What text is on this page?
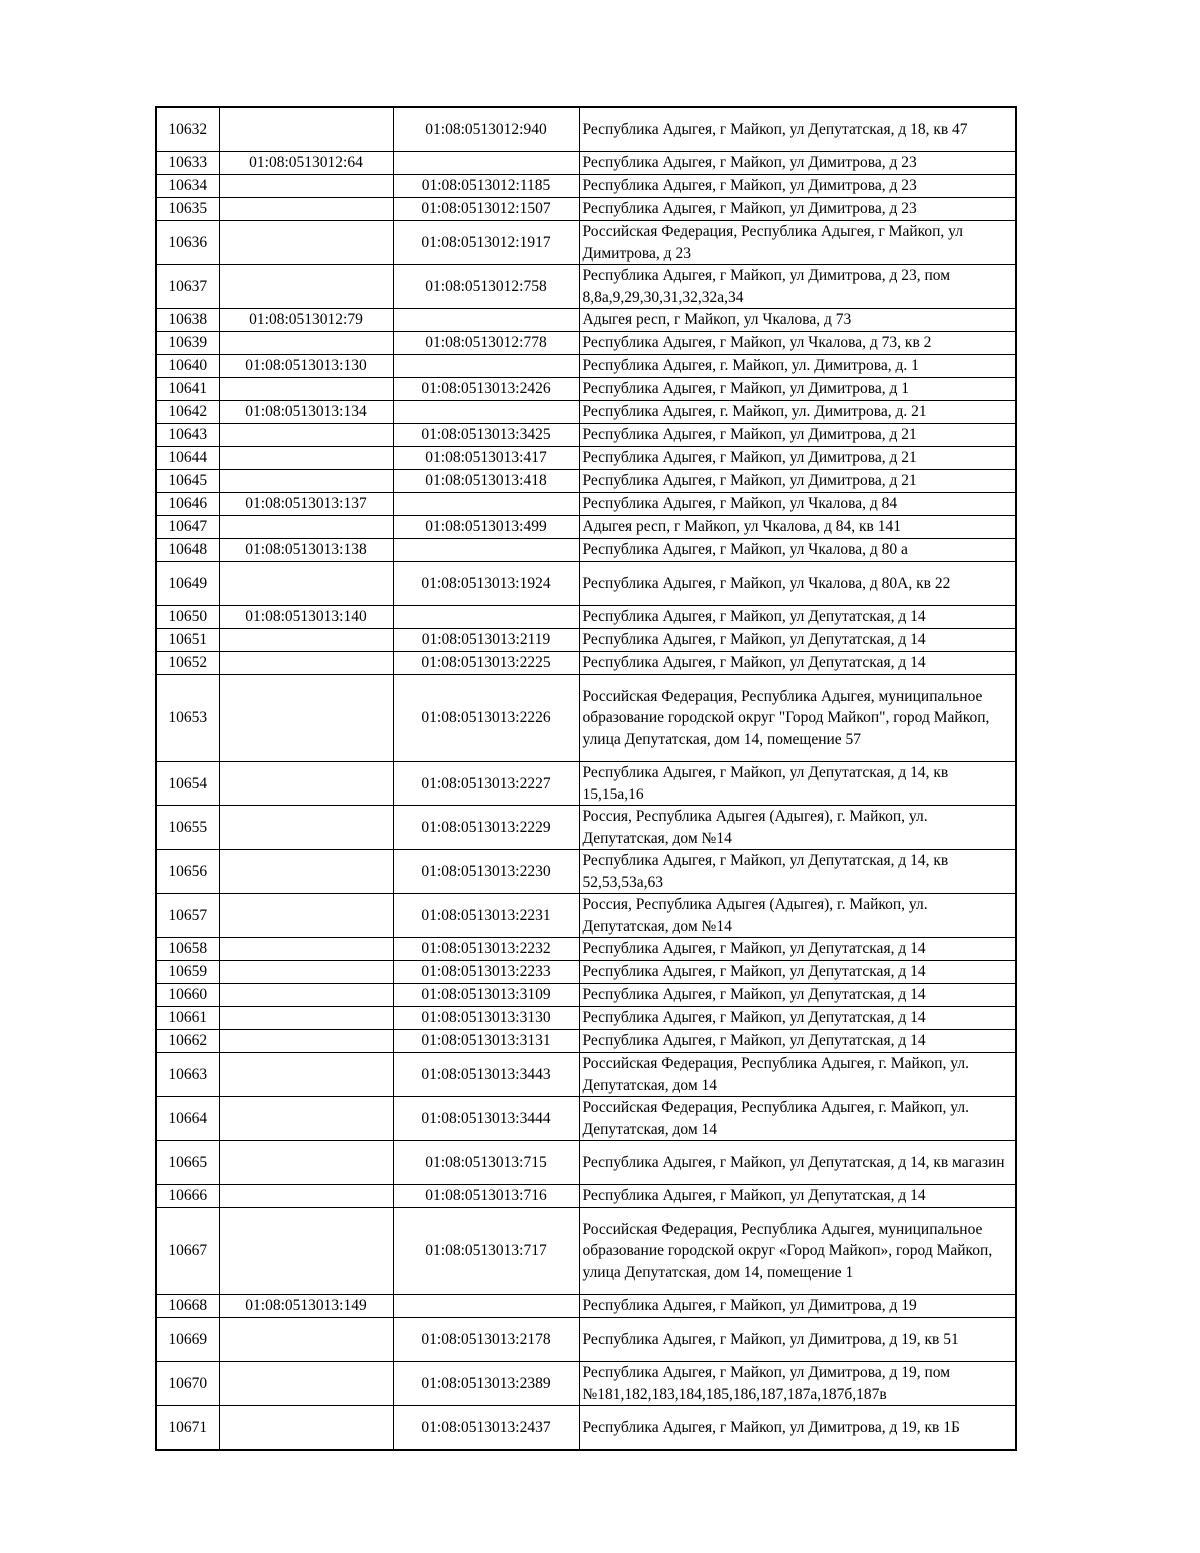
10632		01:08:0513012:940	Республика Адыгея, г Майкоп, ул Депутатская, д 18, кв 47
10633	01:08:0513012:64		Республика Адыгея, г Майкоп, ул Димитрова, д 23
10634		01:08:0513012:1185	Республика Адыгея, г Майкоп, ул Димитрова, д 23
10635		01:08:0513012:1507	Республика Адыгея, г Майкоп, ул Димитрова, д 23
10636		01:08:0513012:1917	Российская Федерация, Республика Адыгея, г Майкоп, ул Димитрова, д 23
10637		01:08:0513012:758	Республика Адыгея, г Майкоп, ул Димитрова, д 23, пом 8,8а,9,29,30,31,32,32а,34
10638	01:08:0513012:79		Адыгея респ, г Майкоп, ул Чкалова, д 73
10639		01:08:0513012:778	Республика Адыгея, г Майкоп, ул Чкалова, д 73, кв 2
10640	01:08:0513013:130		Республика Адыгея, г. Майкоп, ул. Димитрова, д. 1
10641		01:08:0513013:2426	Республика Адыгея, г Майкоп, ул Димитрова, д 1
10642	01:08:0513013:134		Республика Адыгея, г. Майкоп, ул. Димитрова, д. 21
10643		01:08:0513013:3425	Республика Адыгея, г Майкоп, ул Димитрова, д 21
10644		01:08:0513013:417	Республика Адыгея, г Майкоп, ул Димитрова, д 21
10645		01:08:0513013:418	Республика Адыгея, г Майкоп, ул Димитрова, д 21
10646	01:08:0513013:137		Республика Адыгея, г Майкоп, ул Чкалова, д 84
10647		01:08:0513013:499	Адыгея респ, г Майкоп, ул Чкалова, д 84, кв 141
10648	01:08:0513013:138		Республика Адыгея, г Майкоп, ул Чкалова, д 80 а
10649		01:08:0513013:1924	Республика Адыгея, г Майкоп, ул Чкалова, д 80А, кв 22
10650	01:08:0513013:140		Республика Адыгея, г Майкоп, ул Депутатская, д 14
10651		01:08:0513013:2119	Республика Адыгея, г Майкоп, ул Депутатская, д 14
10652		01:08:0513013:2225	Республика Адыгея, г Майкоп, ул Депутатская, д 14
10653		01:08:0513013:2226	Российская Федерация, Республика Адыгея, муниципальное образование городской округ "Город Майкоп", город Майкоп, улица Депутатская, дом 14, помещение 57
10654		01:08:0513013:2227	Республика Адыгея, г Майкоп, ул Депутатская, д 14, кв 15,15а,16
10655		01:08:0513013:2229	Россия, Республика Адыгея (Адыгея), г. Майкоп, ул. Депутатская, дом №14
10656		01:08:0513013:2230	Республика Адыгея, г Майкоп, ул Депутатская, д 14, кв 52,53,53а,63
10657		01:08:0513013:2231	Россия, Республика Адыгея (Адыгея), г. Майкоп, ул. Депутатская, дом №14
10658		01:08:0513013:2232	Республика Адыгея, г Майкоп, ул Депутатская, д 14
10659		01:08:0513013:2233	Республика Адыгея, г Майкоп, ул Депутатская, д 14
10660		01:08:0513013:3109	Республика Адыгея, г Майкоп, ул Депутатская, д 14
10661		01:08:0513013:3130	Республика Адыгея, г Майкоп, ул Депутатская, д 14
10662		01:08:0513013:3131	Республика Адыгея, г Майкоп, ул Депутатская, д 14
10663		01:08:0513013:3443	Российская Федерация, Республика Адыгея, г. Майкоп, ул. Депутатская, дом 14
10664		01:08:0513013:3444	Российская Федерация, Республика Адыгея, г. Майкоп, ул. Депутатская, дом 14
10665		01:08:0513013:715	Республика Адыгея, г Майкоп, ул Депутатская, д 14, кв магазин
10666		01:08:0513013:716	Республика Адыгея, г Майкоп, ул Депутатская, д 14
10667		01:08:0513013:717	Российская Федерация, Республика Адыгея, муниципальное образование городской округ «Город Майкоп», город Майкоп, улица Депутатская, дом 14, помещение 1
10668	01:08:0513013:149		Республика Адыгея, г Майкоп, ул Димитрова, д 19
10669		01:08:0513013:2178	Республика Адыгея, г Майкоп, ул Димитрова, д 19, кв 51
10670		01:08:0513013:2389	Республика Адыгея, г Майкоп, ул Димитрова, д 19, пом №181,182,183,184,185,186,187,187а,187б,187в
10671		01:08:0513013:2437	Республика Адыгея, г Майкоп, ул Димитрова, д 19, кв 1Б
